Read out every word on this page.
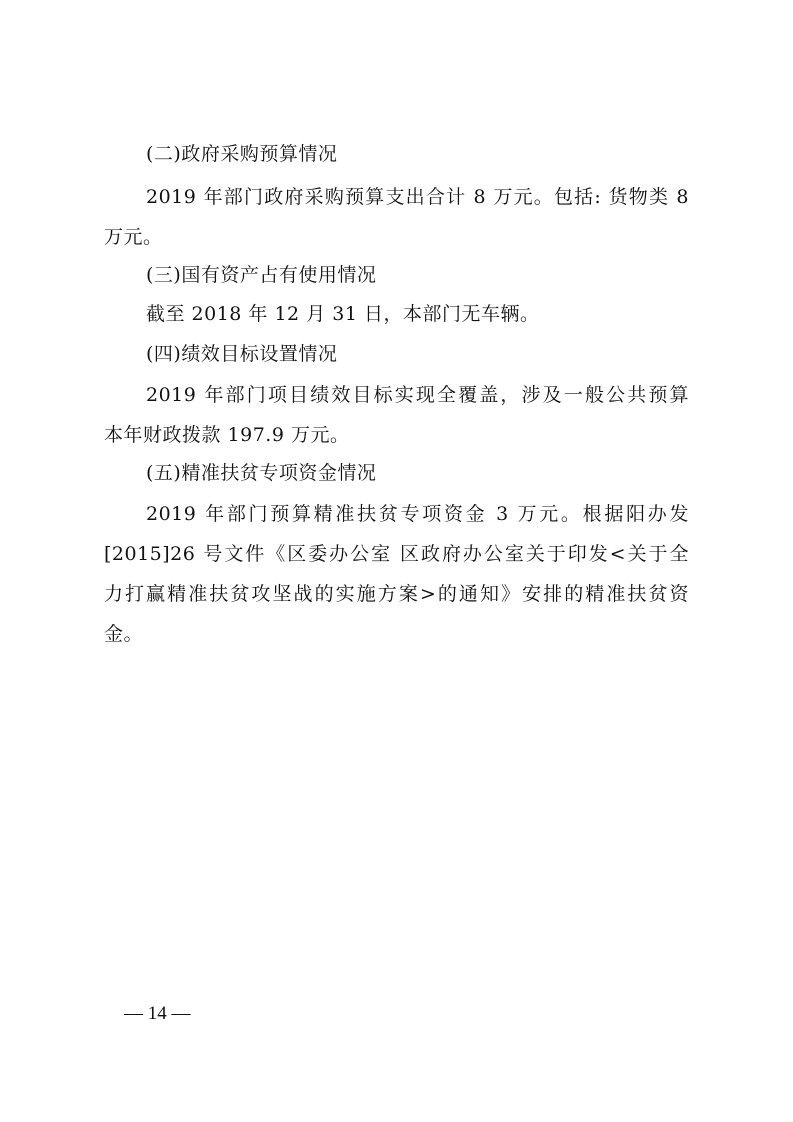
(二)政府采购预算情况
2019 年部门政府采购预算支出合计 8 万元。包括: 货物类 8
万元。
(三)国有资产占有使用情况
截至 2018 年 12 月 31 日，本部门无车辆。
(四)绩效目标设置情况
2019 年部门项目绩效目标实现全覆盖，涉及一般公共预算
本年财政拨款 197.9 万元。
(五)精准扶贫专项资金情况
2019 年部门预算精准扶贫专项资金 3 万元。根据阳办发
[2015]26 号文件《区委办公室 区政府办公室关于印发<关于全
力打赢精准扶贫攻坚战的实施方案>的通知》安排的精准扶贫资
金。
— 14 —
